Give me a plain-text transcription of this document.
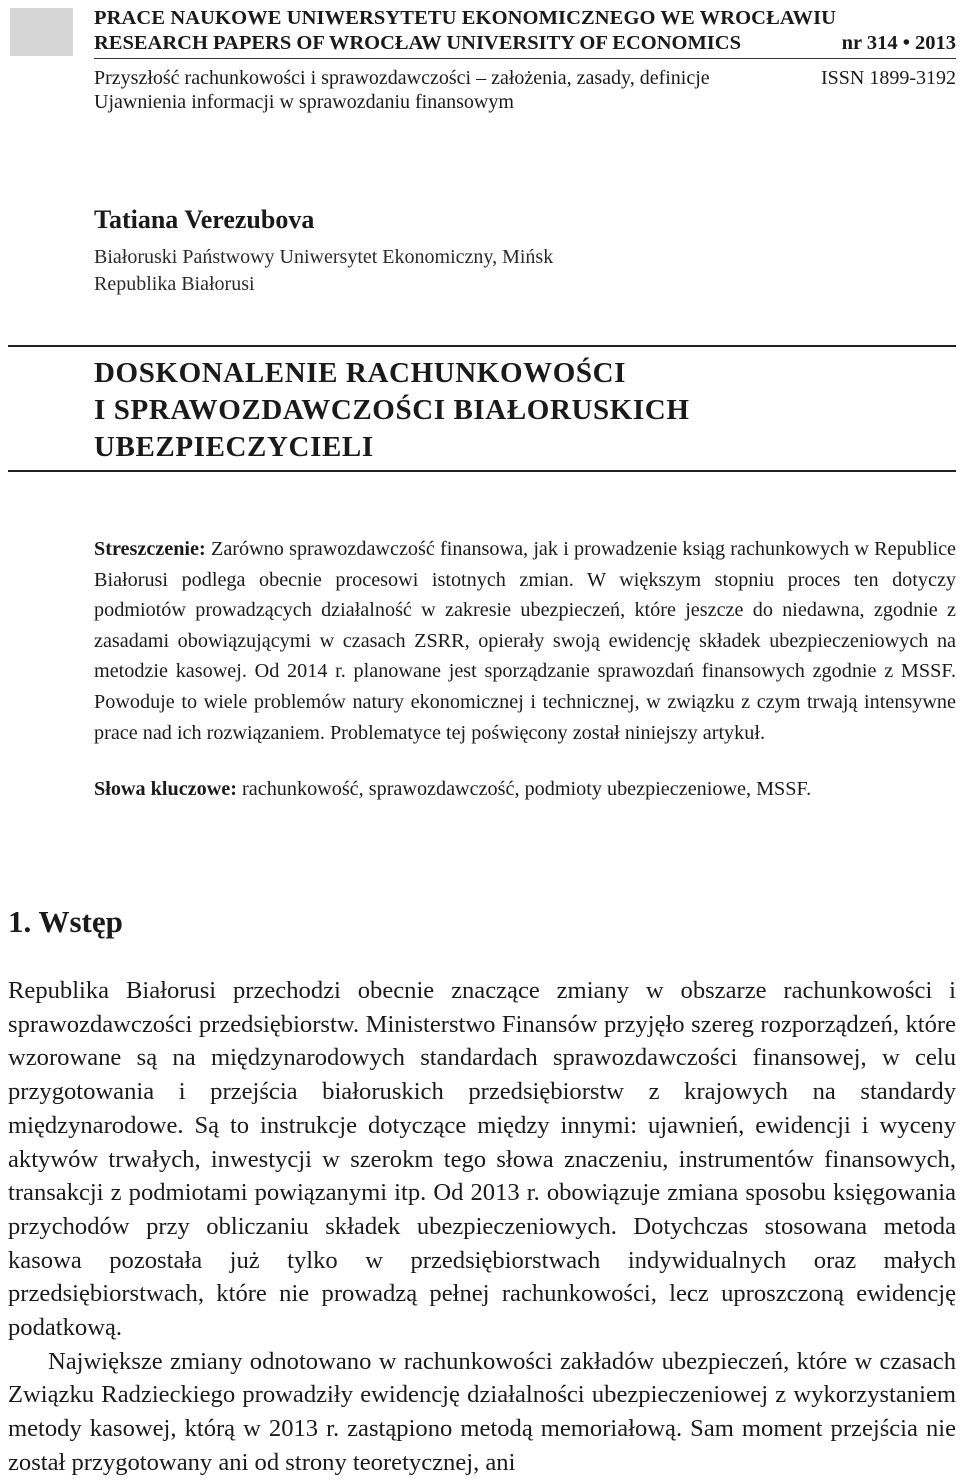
PRACE NAUKOWE UNIWERSYTETU EKONOMICZNEGO WE WROCŁAWIU
RESEARCH PAPERS OF WROCŁAW UNIVERSITY OF ECONOMICS	nr 314 • 2013
Przyszłość rachunkowości i sprawozdawczości – założenia, zasady, definicje	ISSN 1899-3192
Ujawnienia informacji w sprawozdaniu finansowym
Tatiana Verezubova
Białoruski Państwowy Uniwersytet Ekonomiczny, Mińsk
Republika Białorusi
DOSKONALENIE RACHUNKOWOŚCI
I SPRAWOZDAWCZOŚCI BIAŁORUSKICH
UBEZPIECZYCIELI
Streszczenie: Zarówno sprawozdawczość finansowa, jak i prowadzenie ksiąg rachunkowych w Republice Białorusi podlega obecnie procesowi istotnych zmian. W większym stopniu proces ten dotyczy podmiotów prowadzących działalność w zakresie ubezpieczeń, które jeszcze do niedawna, zgodnie z zasadami obowiązującymi w czasach ZSRR, opierały swoją ewidencję składek ubezpieczeniowych na metodzie kasowej. Od 2014 r. planowane jest sporządzanie sprawozdań finansowych zgodnie z MSSF. Powoduje to wiele problemów natury ekonomicznej i technicznej, w związku z czym trwają intensywne prace nad ich rozwiązaniem. Problematyce tej poświęcony został niniejszy artykuł.
Słowa kluczowe: rachunkowość, sprawozdawczość, podmioty ubezpieczeniowe, MSSF.
1. Wstęp

Republika Białorusi przechodzi obecnie znaczące zmiany w obszarze rachunkowości i sprawozdawczości przedsiębiorstw. Ministerstwo Finansów przyjęło szereg rozporządzeń, które wzorowane są na międzynarodowych standardach sprawozdawczości finansowej, w celu przygotowania i przejścia białoruskich przedsiębiorstw z krajowych na standardy międzynarodowe. Są to instrukcje dotyczące między innymi: ujawnień, ewidencji i wyceny aktywów trwałych, inwestycji w szerokm tego słowa znaczeniu, instrumentów finansowych, transakcji z podmiotami powiązanymi itp. Od 2013 r. obowiązuje zmiana sposobu księgowania przychodów przy obliczaniu składek ubezpieczeniowych. Dotychczas stosowana metoda kasowa pozostała już tylko w przedsiębiorstwach indywidualnych oraz małych przedsiębiorstwach, które nie prowadzą pełnej rachunkowości, lecz uproszczoną ewidencję podatkową.

Największe zmiany odnotowano w rachunkowości zakładów ubezpieczeń, które w czasach Związku Radzieckiego prowadziły ewidencję działalności ubezpieczeniowej z wykorzystaniem metody kasowej, którą w 2013 r. zastąpiono metodą memoriałową. Sam moment przejścia nie został przygotowany ani od strony teoretycznej, ani
